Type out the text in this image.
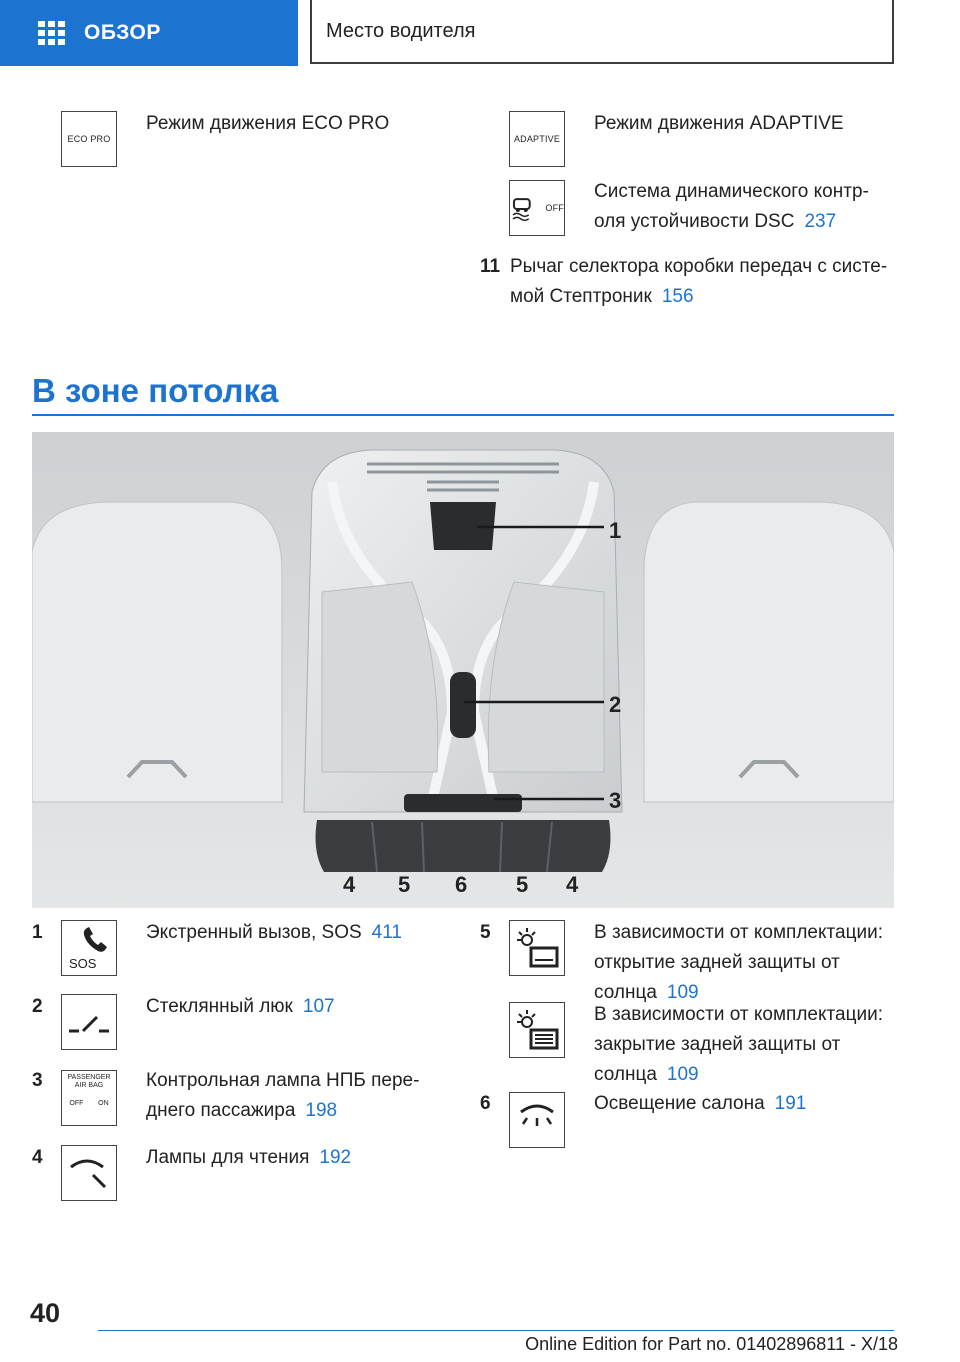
ОБЗОР	Место водителя
ECO PRO
Режим движения ECO PRO
ADAPTIVE
Режим движения ADAPTIVE
OFF
Система динамического контр-
оля устойчивости DSC 237
11 Рычаг селектора коробки передач с систе-
мой Стептроник 156
В зоне потолка
1
2
3
4 5 6 5 4
1
SOS
Экстренный вызов, SOS 411
2	Стеклянный люк 107
3	PASSENGER
AIR BAG
OFF ON
Контрольная лампа НПБ пере-
днего пассажира 198
4	Лампы для чтения 192
5	В зависимости от комплектации:
открытие задней защиты от
солнца 109
В зависимости от комплектации:
закрытие задней защиты от
солнца 109
6	Освещение салона 191
40
Online Edition for Part no. 01402896811 - X/18
